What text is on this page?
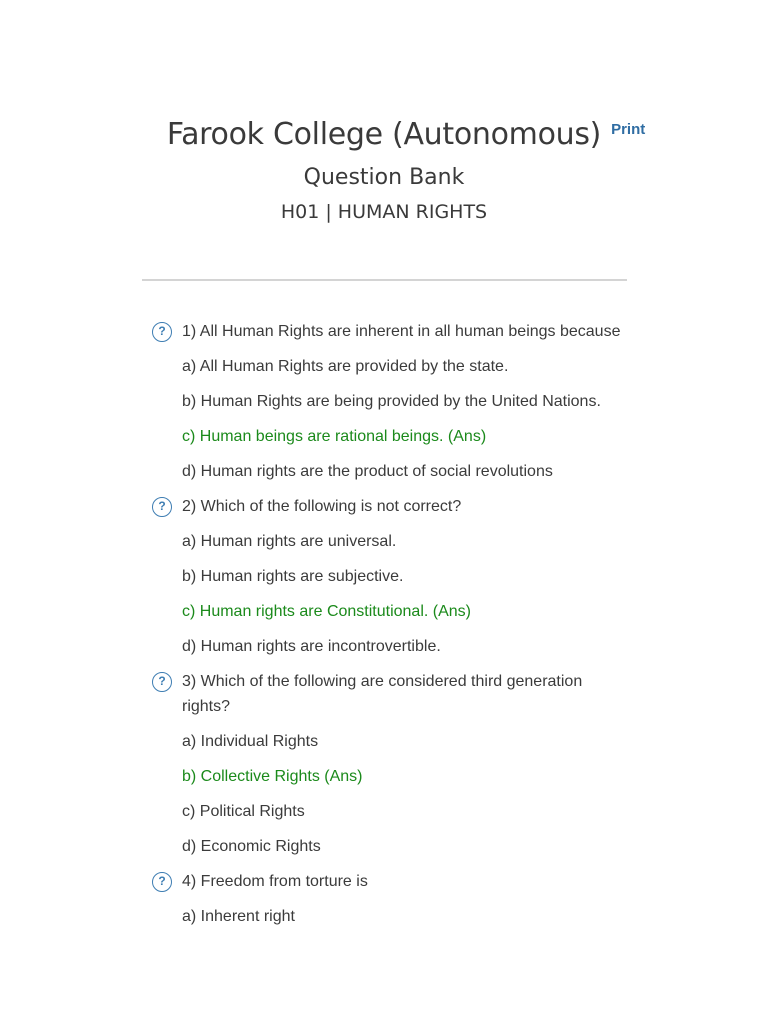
Farook College (Autonomous) Print
Question Bank
H01 | HUMAN RIGHTS
?	1) All Human Rights are inherent in all human beings because

a) All Human Rights are provided by the state.

b) Human Rights are being provided by the United Nations.

c) Human beings are rational beings. (Ans)

d) Human rights are the product of social revolutions

?	2) Which of the following is not correct?

a) Human rights are universal.

b) Human rights are subjective.

c) Human rights are Constitutional. (Ans)

d) Human rights are incontrovertible.

?	3) Which of the following are considered third generation rights?

a) Individual Rights

b) Collective Rights (Ans)

c) Political Rights

d) Economic Rights

?	4) Freedom from torture is

a) Inherent right
